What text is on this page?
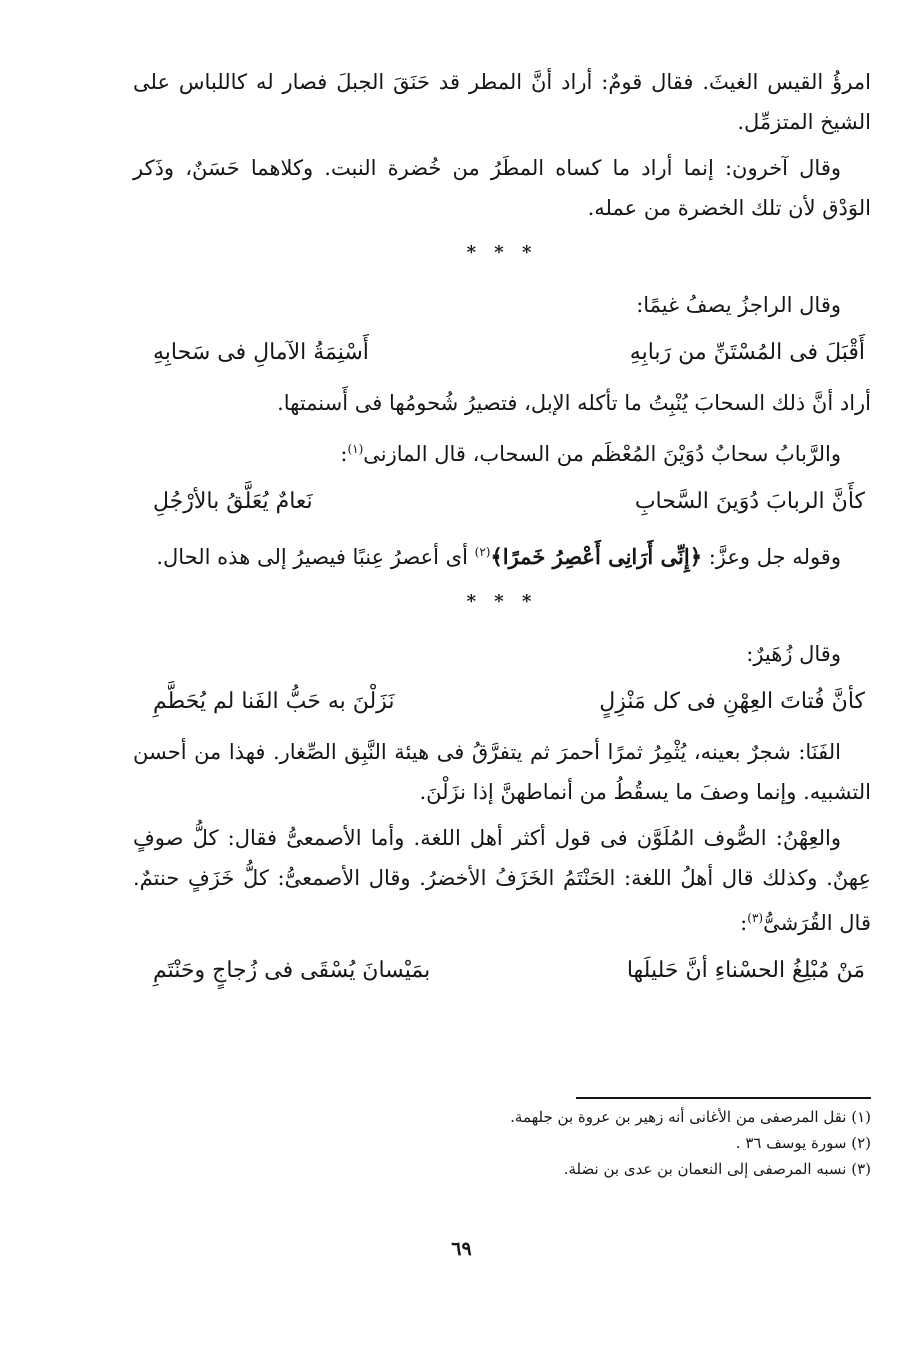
امرؤُ القيس الغيثَ. فقال قومٌ: أراد أنَّ المطر قد حَنَقَ الجبلَ فصار له كاللباس على الشيخ المتزمِّل.

وقال آخرون: إنما أراد ما كساه المطَرُ من خُضرة النبت. وكلاهما حَسَنٌ، وذَكر الوَدْق لأن تلك الخضرة من عمله.

* * *

وقال الراجزُ يصفُ غيمًا:

أَقْبَلَ فى المُسْتَنِّ من رَبابِهِ
أَسْنِمَةُ الآمالِ فى سَحابِهِ

أراد أنَّ ذلك السحابَ يُنْبِتُ ما تأكله الإبل، فتصيرُ شُحومُها فى أَسنمتها.

والرَّبابُ سحابٌ دُوَيْنَ المُعْظَم من السحاب، قال المازنى$^{(١)}$:

كأَنَّ الربابَ دُوَينَ السَّحابِ
نَعامٌ يُعَلَّقُ بالأرْجُلِ

وقوله جل وعزَّ: ﴿إِنِّى أَرَانِى أَعْصِرُ خَمرًا﴾$^{(٢)}$ أى أعصرُ عِنبًا فيصيرُ إلى هذه الحال.

* * *

وقال زُهَيرٌ:

كأنَّ فُتاتَ العِهْنِ فى كل مَنْزِلٍ
نَزَلْنَ به حَبُّ الفَنا لم يُحَطَّمِ

الفَنَا: شجرٌ بعينه، يُثْمِرُ ثمرًا أحمرَ ثم يتفرَّقُ فى هيئة النَّبِق الصِّغار. فهذا من أحسن التشبيه. وإنما وصفَ ما يسقُطُ من أنماطهنَّ إذا نزَلْنَ.

والعِهْنُ: الصُّوف المُلَوَّن فى قول أكثر أهل اللغة. وأما الأصمعىُّ فقال: كلُّ صوفٍ عِهنٌ. وكذلك قال أهلُ اللغة: الحَنْتَمُ الخَزَفُ الأخضرُ. وقال الأصمعىُّ: كلُّ خَزَفٍ حنتمٌ. قال القُرَشىُّ$^{(٣)}$:

مَنْ مُبْلِغُ الحسْناءِ أنَّ حَليلَها
بمَيْسانَ يُسْقَى فى زُجاجٍ وحَنْتَمِ
(١) نقل المرصفى من الأغانى أنه زهير بن عروة بن جلهمة.
(٢) سورة يوسف ٣٦ .
(٣) نسبه المرصفى إلى النعمان بن عدى بن نضلة.
٦٩
